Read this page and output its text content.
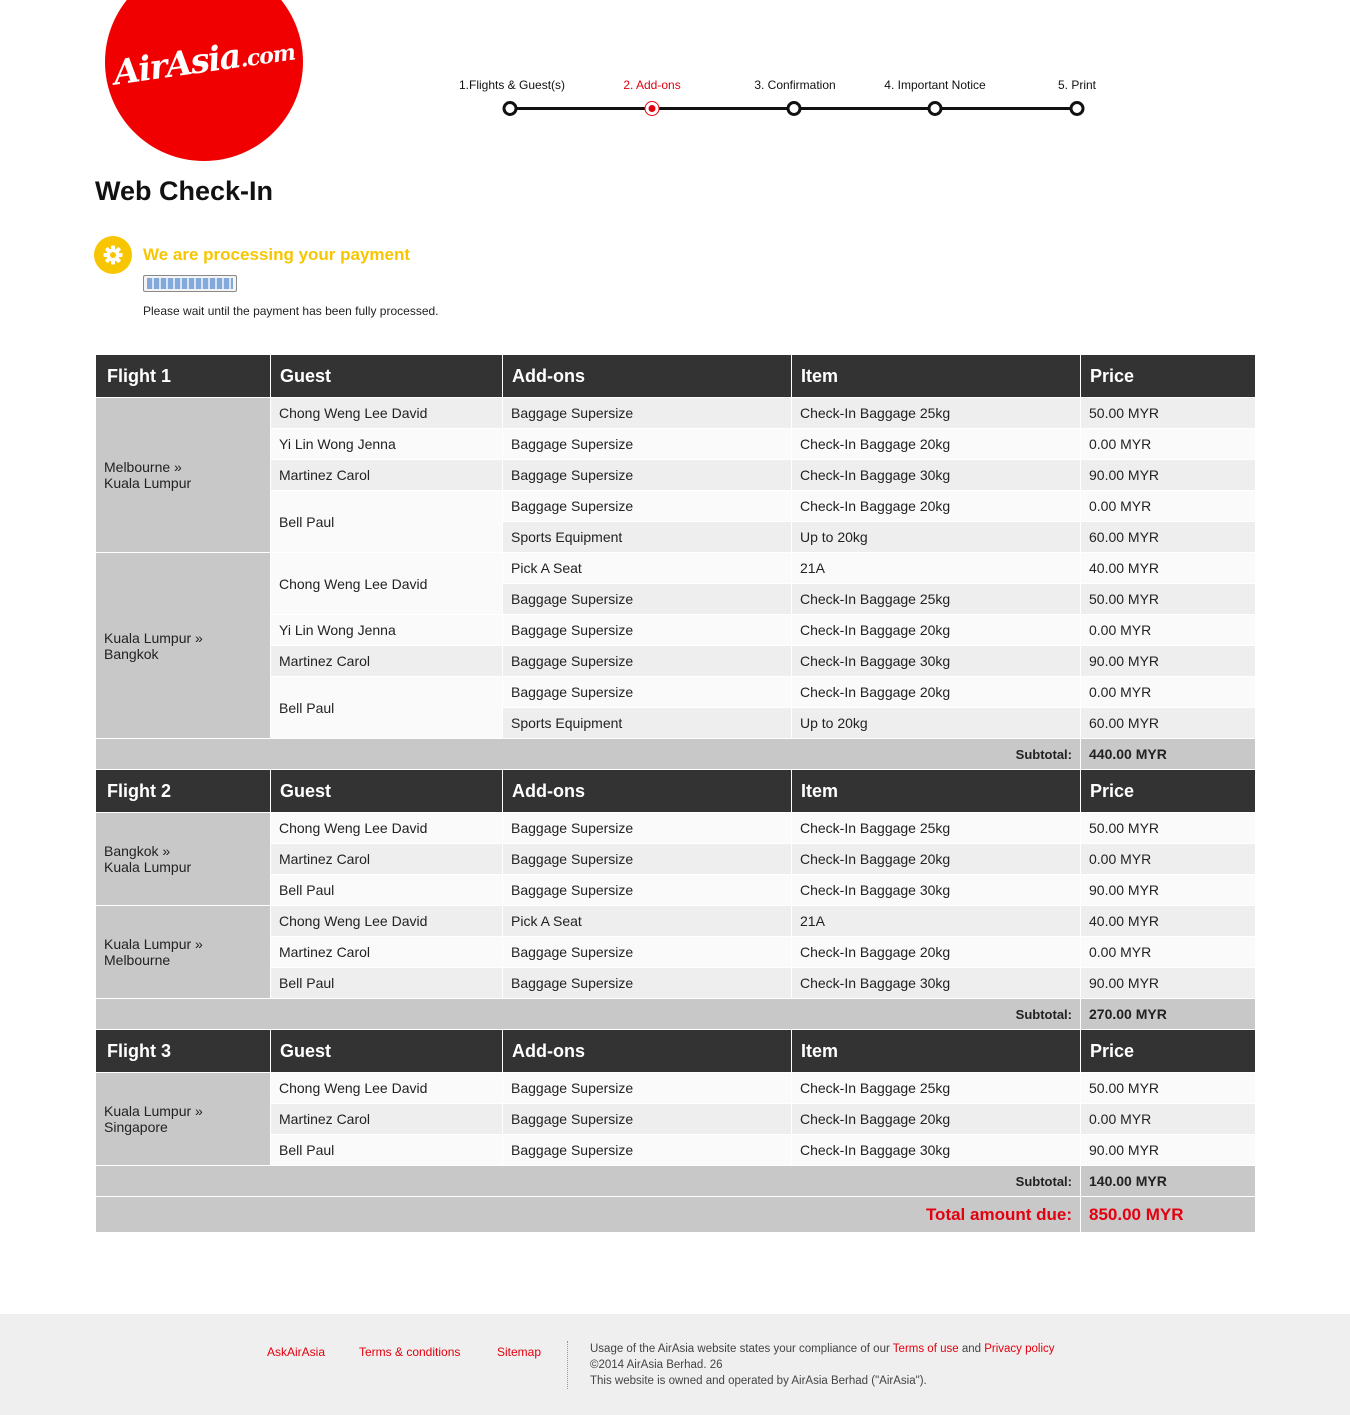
AirAsia.com
1.Flights & Guest(s)	2. Add-ons	3. Confirmation	4. Important Notice	5. Print
Web Check-In
We are processing your payment
Please wait until the payment has been fully processed.
Flight 1	Guest	Add-ons	Item	Price

Melbourne »
Kuala Lumpur	Chong Weng Lee David	Baggage Supersize	Check-In Baggage 25kg	50.00 MYR
	Yi Lin Wong Jenna	Baggage Supersize	Check-In Baggage 20kg	0.00 MYR
	Martinez Carol	Baggage Supersize	Check-In Baggage 30kg	90.00 MYR
	Bell Paul	Baggage Supersize	Check-In Baggage 20kg	0.00 MYR
		Sports Equipment	Up to 20kg	60.00 MYR

Kuala Lumpur »
Bangkok	Chong Weng Lee David	Pick A Seat	21A	40.00 MYR
		Baggage Supersize	Check-In Baggage 25kg	50.00 MYR
	Yi Lin Wong Jenna	Baggage Supersize	Check-In Baggage 20kg	0.00 MYR
	Martinez Carol	Baggage Supersize	Check-In Baggage 30kg	90.00 MYR
	Bell Paul	Baggage Supersize	Check-In Baggage 20kg	0.00 MYR
		Sports Equipment	Up to 20kg	60.00 MYR
Subtotal:				440.00 MYR
Flight 2	Guest	Add-ons	Item	Price

Bangkok »
Kuala Lumpur	Chong Weng Lee David	Baggage Supersize	Check-In Baggage 25kg	50.00 MYR
	Martinez Carol	Baggage Supersize	Check-In Baggage 20kg	0.00 MYR
	Bell Paul	Baggage Supersize	Check-In Baggage 30kg	90.00 MYR

Kuala Lumpur »
Melbourne	Chong Weng Lee David	Pick A Seat	21A	40.00 MYR
	Martinez Carol	Baggage Supersize	Check-In Baggage 20kg	0.00 MYR
	Bell Paul	Baggage Supersize	Check-In Baggage 30kg	90.00 MYR
Subtotal:				270.00 MYR
Flight 3	Guest	Add-ons	Item	Price

Kuala Lumpur »
Singapore	Chong Weng Lee David	Baggage Supersize	Check-In Baggage 25kg	50.00 MYR
	Martinez Carol	Baggage Supersize	Check-In Baggage 20kg	0.00 MYR
	Bell Paul	Baggage Supersize	Check-In Baggage 30kg	90.00 MYR
Subtotal:				140.00 MYR
Total amount due:				850.00 MYR
AskAirAsia	Terms & conditions	Sitemap	Usage of the AirAsia website states your compliance of our Terms of use and Privacy policy
©2014 AirAsia Berhad. 26
This website is owned and operated by AirAsia Berhad ("AirAsia").
